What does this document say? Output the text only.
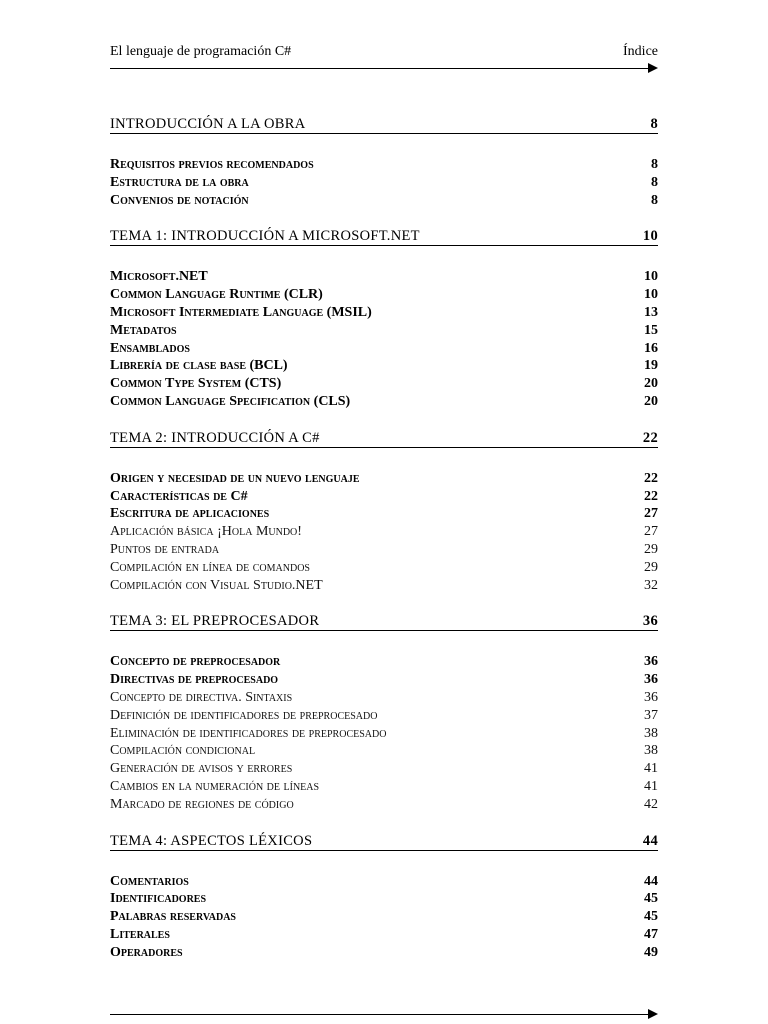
El lenguaje de programación C#	Índice
INTRODUCCIÓN A LA OBRA	8
Requisitos previos recomendados	8
Estructura de la obra	8
Convenios de notación	8
TEMA 1: INTRODUCCIÓN A MICROSOFT.NET	10
Microsoft.NET	10
Common Language Runtime (CLR)	10
Microsoft Intermediate Language (MSIL)	13
Metadatos	15
Ensamblados	16
Librería de clase base (BCL)	19
Common Type System (CTS)	20
Common Language Specification (CLS)	20
TEMA 2: INTRODUCCIÓN A C#	22
Origen y necesidad de un nuevo lenguaje	22
Características de C#	22
Escritura de aplicaciones	27
Aplicación básica ¡Hola Mundo!	27
Puntos de entrada	29
Compilación en línea de comandos	29
Compilación con Visual Studio.NET	32
TEMA 3: EL PREPROCESADOR	36
Concepto de preprocesador	36
Directivas de preprocesado	36
Concepto de directiva. Sintaxis	36
Definición de identificadores de preprocesado	37
Eliminación de identificadores de preprocesado	38
Compilación condicional	38
Generación de avisos y errores	41
Cambios en la numeración de líneas	41
Marcado de regiones de código	42
TEMA 4: ASPECTOS LÉXICOS	44
Comentarios	44
Identificadores	45
Palabras reservadas	45
Literales	47
Operadores	49
